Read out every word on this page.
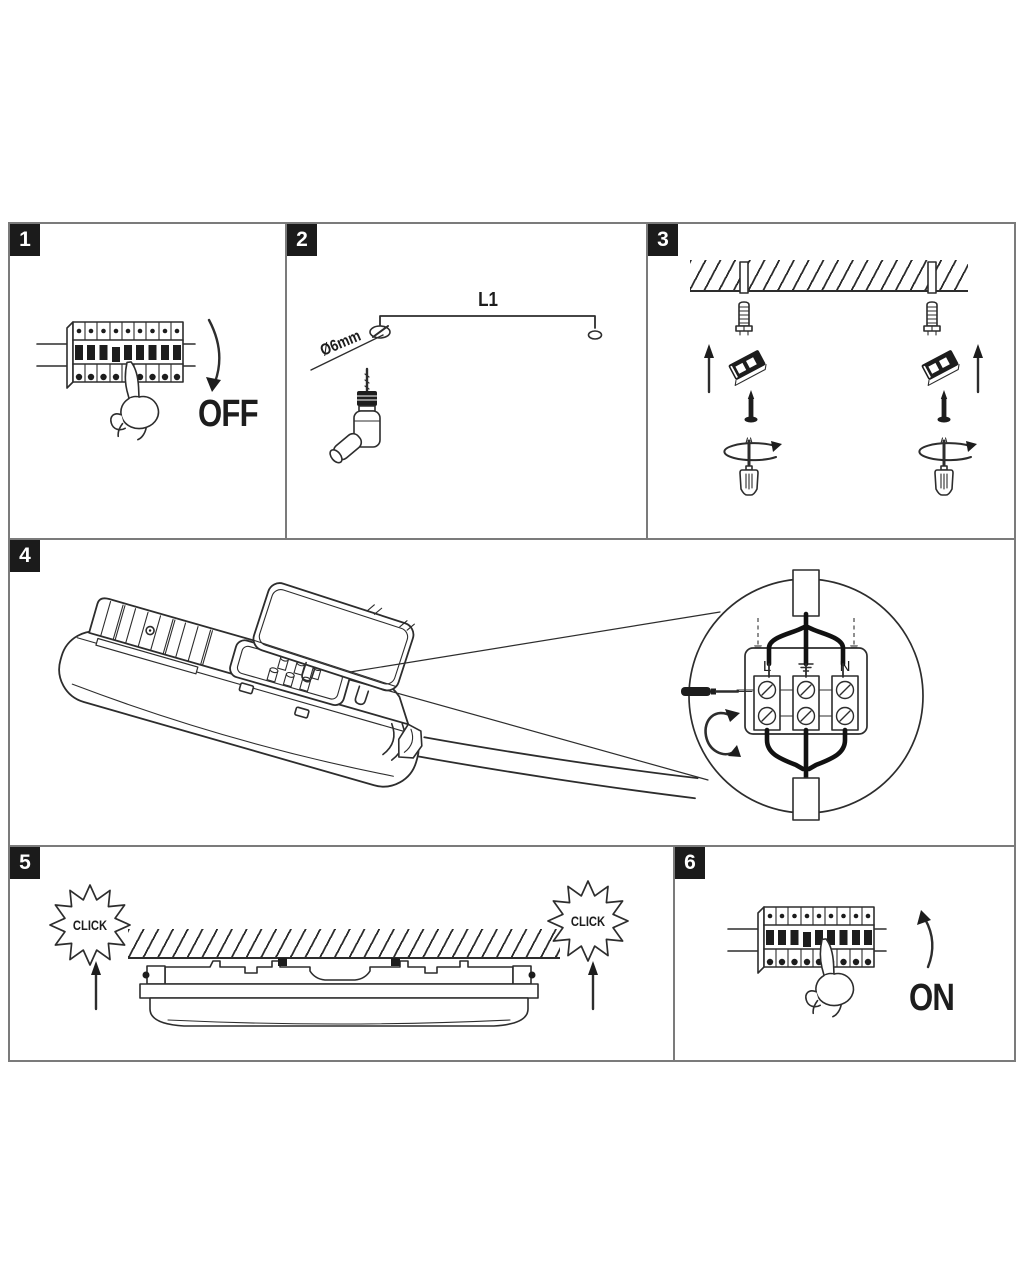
1
OFF
2
L1
Ø6mm
3
4
L	N
5
CLICK	CLICK
6
ON
